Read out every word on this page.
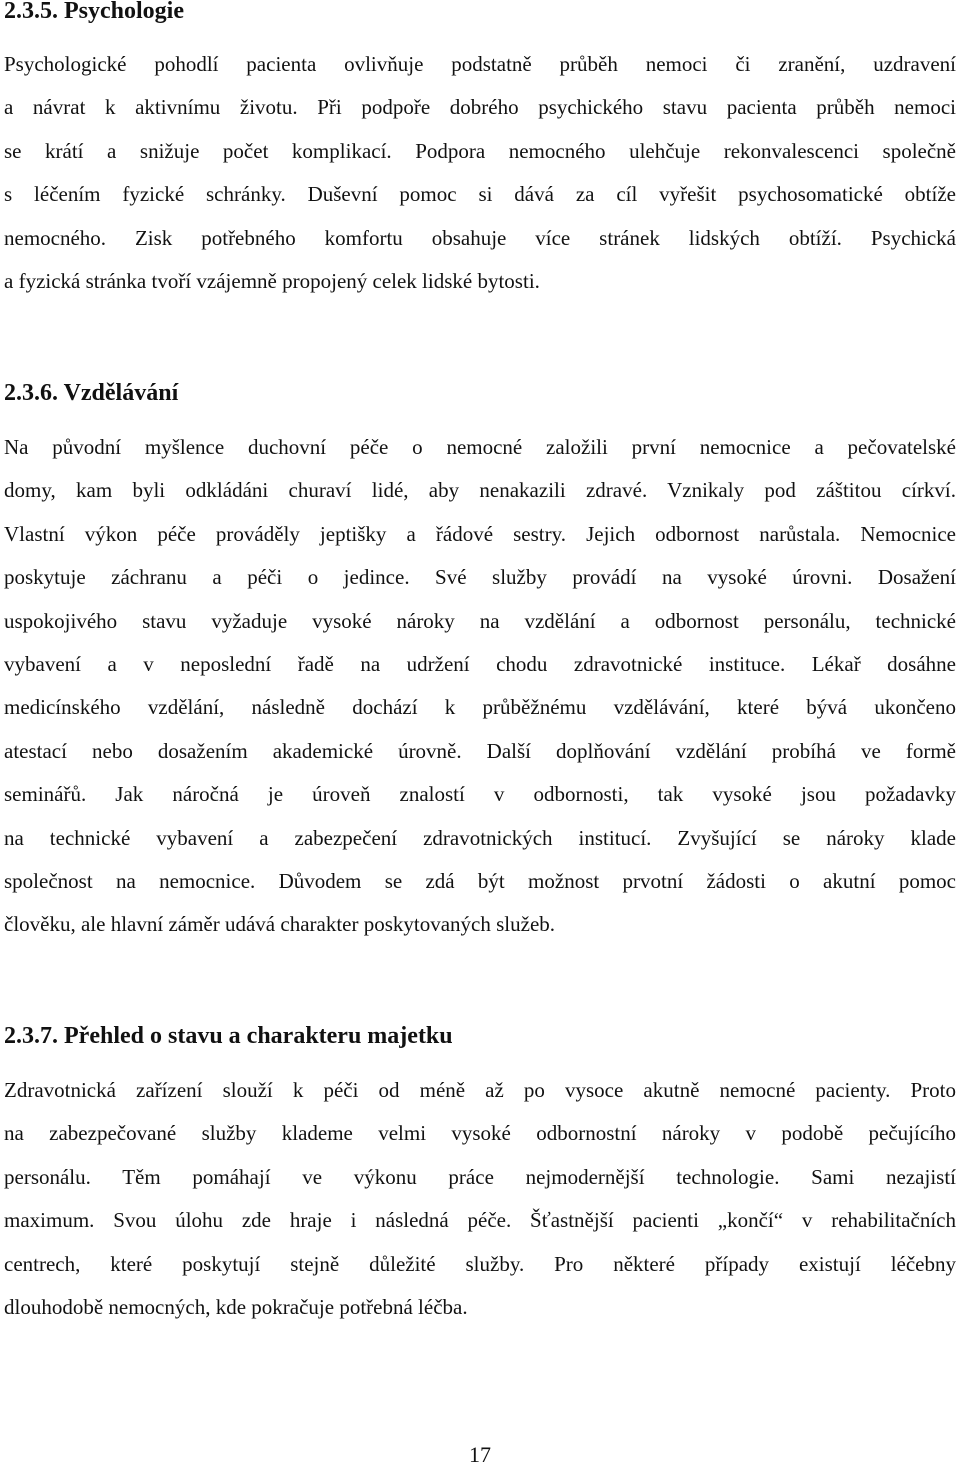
2.3.5. Psychologie
Psychologické pohodlí pacienta ovlivňuje podstatně průběh nemoci či zranění, uzdravení
a návrat k aktivnímu životu. Při podpoře dobrého psychického stavu pacienta průběh nemoci
se krátí a snižuje počet komplikací. Podpora nemocného ulehčuje rekonvalescenci společně
s léčením fyzické schránky. Duševní pomoc si dává za cíl vyřešit psychosomatické obtíže
nemocného. Zisk potřebného komfortu obsahuje více stránek lidských obtíží. Psychická
a fyzická stránka tvoří vzájemně propojený celek lidské bytosti.
2.3.6. Vzdělávání
Na původní myšlence duchovní péče o nemocné založili první nemocnice a pečovatelské
domy, kam byli odkládáni churaví lidé, aby nenakazili zdravé. Vznikaly pod záštitou církví.
Vlastní výkon péče prováděly jeptišky a řádové sestry. Jejich odbornost narůstala. Nemocnice
poskytuje záchranu a péči o jedince. Své služby provádí na vysoké úrovni. Dosažení
uspokojivého stavu vyžaduje vysoké nároky na vzdělání a odbornost personálu, technické
vybavení a v neposlední řadě na udržení chodu zdravotnické instituce. Lékař dosáhne
medicínského vzdělání, následně dochází k průběžnému vzdělávání, které bývá ukončeno
atestací nebo dosažením akademické úrovně. Další doplňování vzdělání probíhá ve formě
seminářů. Jak náročná je úroveň znalostí v odbornosti, tak vysoké jsou požadavky
na technické vybavení a zabezpečení zdravotnických institucí. Zvyšující se nároky klade
společnost na nemocnice. Důvodem se zdá být možnost prvotní žádosti o akutní pomoc
člověku, ale hlavní záměr udává charakter poskytovaných služeb.
2.3.7. Přehled o stavu a charakteru majetku
Zdravotnická zařízení slouží k péči od méně až po vysoce akutně nemocné pacienty. Proto
na zabezpečované služby klademe velmi vysoké odbornostní nároky v podobě pečujícího
personálu. Těm pomáhají ve výkonu práce nejmodernější technologie. Sami nezajistí
maximum. Svou úlohu zde hraje i následná péče. Šťastnější pacienti „končí“ v rehabilitačních
centrech, které poskytují stejně důležité služby. Pro některé případy existují léčebny
dlouhodobě nemocných, kde pokračuje potřebná léčba.
17
